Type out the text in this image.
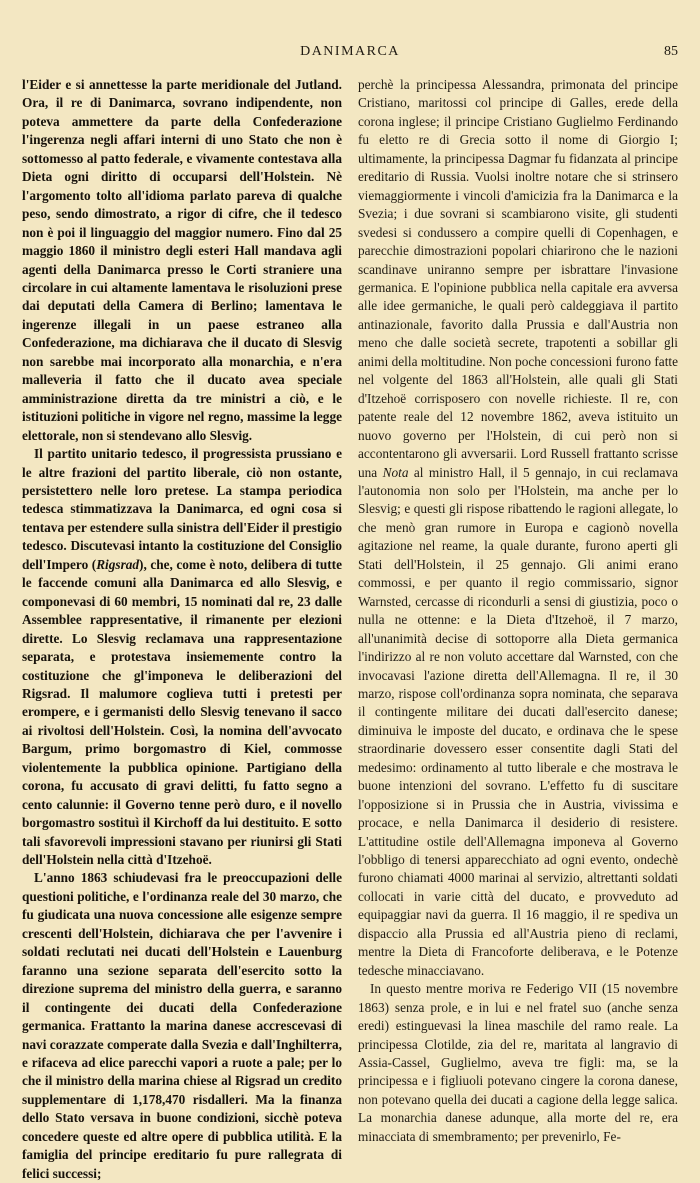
DANIMARCA	85

l'Eider e si annettesse la parte meridionale del Jutland. Ora, il re di Danimarca, sovrano indipendente, non poteva ammettere da parte della Confederazione l'ingerenza negli affari interni di uno Stato che non è sottomesso al patto federale, e vivamente contestava alla Dieta ogni diritto di occuparsi dell'Holstein. Nè l'argomento tolto all'idioma parlato pareva di qualche peso, sendo dimostrato, a rigor di cifre, che il tedesco non è poi il linguaggio del maggior numero. Fino dal 25 maggio 1860 il ministro degli esteri Hall mandava agli agenti della Danimarca presso le Corti straniere una circolare in cui altamente lamentava le risoluzioni prese dai deputati della Camera di Berlino; lamentava le ingerenze illegali in un paese estraneo alla Confederazione, ma dichiarava che il ducato di Slesvig non sarebbe mai incorporato alla monarchia, e n'era malleveria il fatto che il ducato avea speciale amministrazione diretta da tre ministri a ciò, e le istituzioni politiche in vigore nel regno, massime la legge elettorale, non si stendevano allo Slesvig.

Il partito unitario tedesco, il progressista prussiano e le altre frazioni del partito liberale, ciò non ostante, persistettero nelle loro pretese. La stampa periodica tedesca stimmatizzava la Danimarca, ed ogni cosa si tentava per estendere sulla sinistra dell'Eider il prestigio tedesco. Discutevasi intanto la costituzione del Consiglio dell'Impero (Rigsrad), che, come è noto, delibera di tutte le faccende comuni alla Danimarca ed allo Slesvig, e componevasi di 60 membri, 15 nominati dal re, 23 dalle Assemblee rappresentative, il rimanente per elezioni dirette. Lo Slesvig reclamava una rappresentazione separata, e protestava insiememente contro la costituzione che gl'imponeva le deliberazioni del Rigsrad. Il malumore coglieva tutti i pretesti per erompere, e i germanisti dello Slesvig tenevano il sacco ai rivoltosi dell'Holstein. Così, la nomina dell'avvocato Bargum, primo borgomastro di Kiel, commosse violentemente la pubblica opinione. Partigiano della corona, fu accusato di gravi delitti, fu fatto segno a cento calunnie: il Governo tenne però duro, e il novello borgomastro sostituì il Kirchoff da lui destituito. E sotto tali sfavorevoli impressioni stavano per riunirsi gli Stati dell'Holstein nella città d'Itzehoë.

L'anno 1863 schiudevasi fra le preoccupazioni delle questioni politiche, e l'ordinanza reale del 30 marzo, che fu giudicata una nuova concessione alle esigenze sempre crescenti dell'Holstein, dichiarava che per l'avvenire i soldati reclutati nei ducati dell'Holstein e Lauenburg faranno una sezione separata dell'esercito sotto la direzione suprema del ministro della guerra, e saranno il contingente dei ducati della Confederazione germanica. Frattanto la marina danese accrescevasi di navi corazzate comperate dalla Svezia e dall'Inghilterra, e rifaceva ad elice parecchi vapori a ruote a pale; per lo che il ministro della marina chiese al Rigsrad un credito supplementare di 1,178,470 risdalleri. Ma la finanza dello Stato versava in buone condizioni, sicchè poteva concedere queste ed altre opere di pubblica utilità. E la famiglia del principe ereditario fu pure rallegrata di felici successi;

perchè la principessa Alessandra, primonata del principe Cristiano, maritossi col principe di Galles, erede della corona inglese; il principe Cristiano Guglielmo Ferdinando fu eletto re di Grecia sotto il nome di Giorgio I; ultimamente, la principessa Dagmar fu fidanzata al principe ereditario di Russia. Vuolsi inoltre notare che si strinsero viemaggiormente i vincoli d'amicizia fra la Danimarca e la Svezia; i due sovrani si scambiarono visite, gli studenti svedesi si condussero a compire quelli di Copenhagen, e parecchie dimostrazioni popolari chiarirono che le nazioni scandinave uniranno sempre per isbrattare l'invasione germanica. E l'opinione pubblica nella capitale era avversa alle idee germaniche, le quali però caldeggiava il partito antinazionale, favorito dalla Prussia e dall'Austria non meno che dalle società secrete, trapotenti a sobillar gli animi della moltitudine. Non poche concessioni furono fatte nel volgente del 1863 all'Holstein, alle quali gli Stati d'Itzehoë corrisposero con novelle richieste. Il re, con patente reale del 12 novembre 1862, aveva istituito un nuovo governo per l'Holstein, di cui però non si accontentarono gli avversarii. Lord Russell frattanto scrisse una Nota al ministro Hall, il 5 gennajo, in cui reclamava l'autonomia non solo per l'Holstein, ma anche per lo Slesvig; e questi gli rispose ribattendo le ragioni allegate, lo che menò gran rumore in Europa e cagionò novella agitazione nel reame, la quale durante, furono aperti gli Stati dell'Holstein, il 25 gennajo. Gli animi erano commossi, e per quanto il regio commissario, signor Warnsted, cercasse di ricondurli a sensi di giustizia, poco o nulla ne ottenne: e la Dieta d'Itzehoë, il 7 marzo, all'unanimità decise di sottoporre alla Dieta germanica l'indirizzo al re non voluto accettare dal Warnsted, con che invocavasi l'azione diretta dell'Allemagna. Il re, il 30 marzo, rispose coll'ordinanza sopra nominata, che separava il contingente militare dei ducati dall'esercito danese; diminuiva le imposte del ducato, e ordinava che le spese straordinarie dovessero esser consentite dagli Stati del medesimo: ordinamento al tutto liberale e che mostrava le buone intenzioni del sovrano. L'effetto fu di suscitare l'opposizione si in Prussia che in Austria, vivissima e procace, e nella Danimarca il desiderio di resistere. L'attitudine ostile dell'Allemagna imponeva al Governo l'obbligo di tenersi apparecchiato ad ogni evento, ondechè furono chiamati 4000 marinai al servizio, altrettanti soldati collocati in varie città del ducato, e provveduto ad equipaggiar navi da guerra. Il 16 maggio, il re spediva un dispaccio alla Prussia ed all'Austria pieno di reclami, mentre la Dieta di Francoforte deliberava, e le Potenze tedesche minacciavano.

In questo mentre moriva re Federigo VII (15 novembre 1863) senza prole, e in lui e nel fratel suo (anche senza eredi) estinguevasi la linea maschile del ramo reale. La principessa Clotilde, zia del re, maritata al langravio di Assia-Cassel, Guglielmo, aveva tre figli: ma, se la principessa e i figliuoli potevano cingere la corona danese, non potevano quella dei ducati a cagione della legge salica. La monarchia danese adunque, alla morte del re, era minacciata di smembramento; per prevenirlo, Fe-
